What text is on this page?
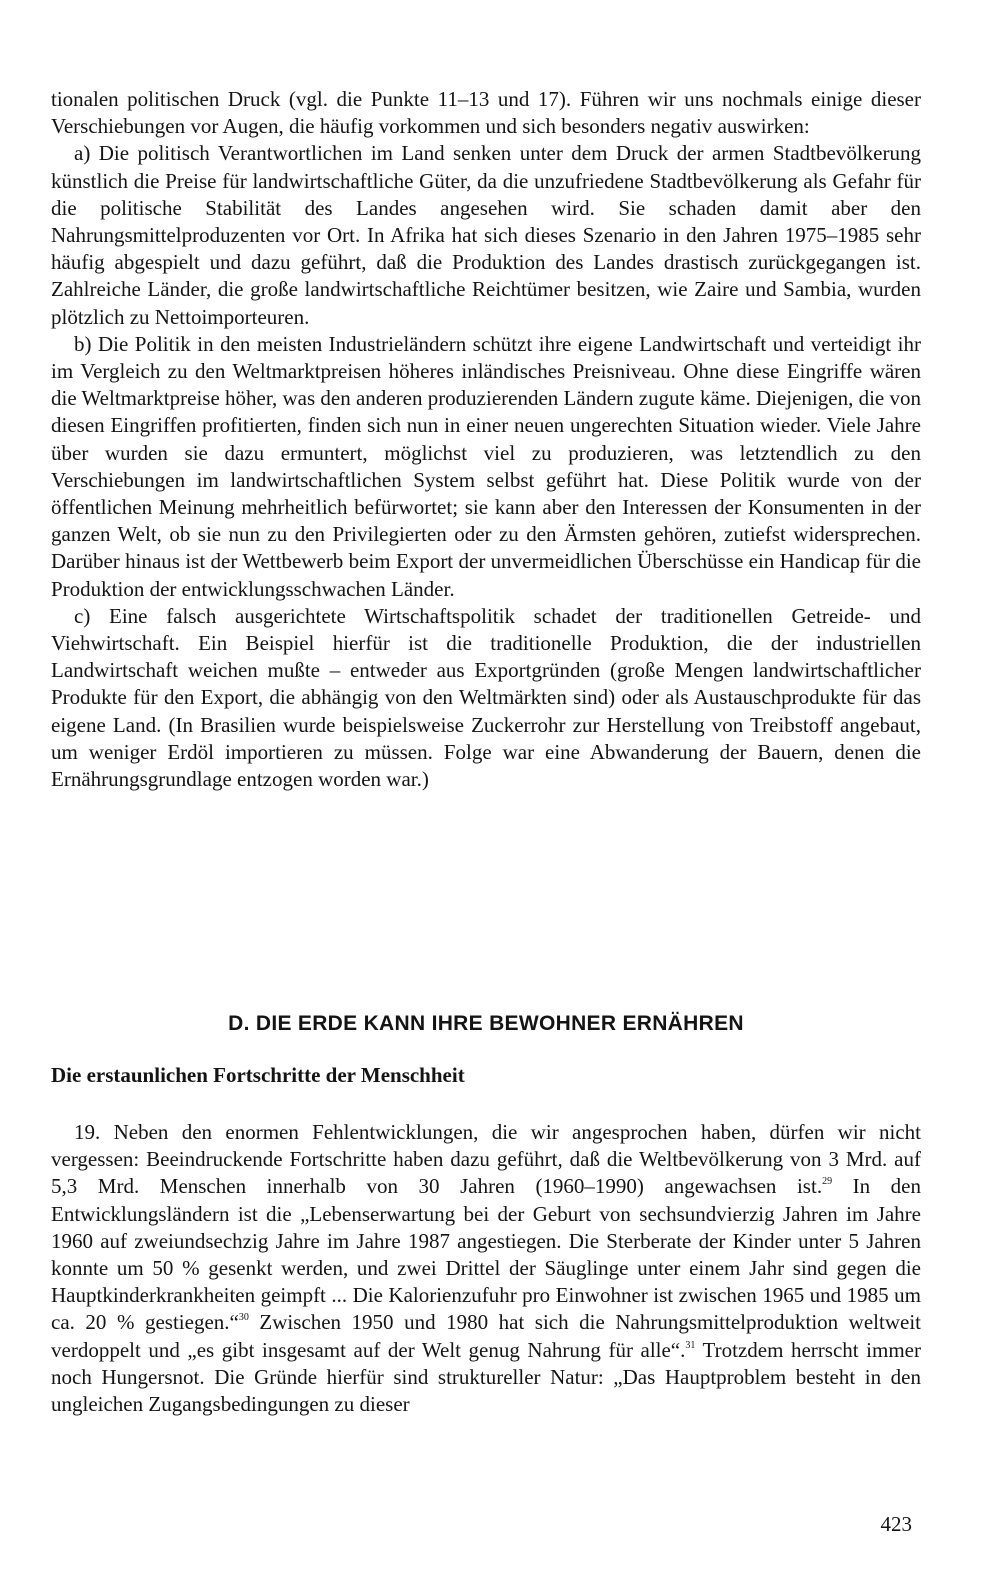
tionalen politischen Druck (vgl. die Punkte 11–13 und 17). Führen wir uns nochmals einige dieser Verschiebungen vor Augen, die häufig vorkommen und sich besonders negativ auswirken:

a) Die politisch Verantwortlichen im Land senken unter dem Druck der armen Stadtbevölkerung künstlich die Preise für landwirtschaftliche Güter, da die unzufriedene Stadtbevölkerung als Gefahr für die politische Stabilität des Landes angesehen wird. Sie schaden damit aber den Nahrungsmittelproduzenten vor Ort. In Afrika hat sich dieses Szenario in den Jahren 1975–1985 sehr häufig abgespielt und dazu geführt, daß die Produktion des Landes drastisch zurückgegangen ist. Zahlreiche Länder, die große landwirtschaftliche Reichtümer besitzen, wie Zaire und Sambia, wurden plötzlich zu Nettoimporteuren.

b) Die Politik in den meisten Industrieländern schützt ihre eigene Landwirtschaft und verteidigt ihr im Vergleich zu den Weltmarktpreisen höheres inländisches Preisniveau. Ohne diese Eingriffe wären die Weltmarktpreise höher, was den anderen produzierenden Ländern zugute käme. Diejenigen, die von diesen Eingriffen profitierten, finden sich nun in einer neuen ungerechten Situation wieder. Viele Jahre über wurden sie dazu ermuntert, möglichst viel zu produzieren, was letztendlich zu den Verschiebungen im landwirtschaftlichen System selbst geführt hat. Diese Politik wurde von der öffentlichen Meinung mehrheitlich befürwortet; sie kann aber den Interessen der Konsumenten in der ganzen Welt, ob sie nun zu den Privilegierten oder zu den Ärmsten gehören, zutiefst widersprechen. Darüber hinaus ist der Wettbewerb beim Export der unvermeidlichen Überschüsse ein Handicap für die Produktion der entwicklungsschwachen Länder.

c) Eine falsch ausgerichtete Wirtschaftspolitik schadet der traditionellen Getreide- und Viehwirtschaft. Ein Beispiel hierfür ist die traditionelle Produktion, die der industriellen Landwirtschaft weichen mußte – entweder aus Exportgründen (große Mengen landwirtschaftlicher Produkte für den Export, die abhängig von den Weltmärkten sind) oder als Austauschprodukte für das eigene Land. (In Brasilien wurde beispielsweise Zuckerrohr zur Herstellung von Treibstoff angebaut, um weniger Erdöl importieren zu müssen. Folge war eine Abwanderung der Bauern, denen die Ernährungsgrundlage entzogen worden war.)

D. DIE ERDE KANN IHRE BEWOHNER ERNÄHREN
Die erstaunlichen Fortschritte der Menschheit

19. Neben den enormen Fehlentwicklungen, die wir angesprochen haben, dürfen wir nicht vergessen: Beeindruckende Fortschritte haben dazu geführt, daß die Weltbevölkerung von 3 Mrd. auf 5,3 Mrd. Menschen innerhalb von 30 Jahren (1960–1990) angewachsen ist.$^{29}$ In den Entwicklungsländern ist die „Lebenserwartung bei der Geburt von sechsundvierzig Jahren im Jahre 1960 auf zweiundsechzig Jahre im Jahre 1987 angestiegen. Die Sterberate der Kinder unter 5 Jahren konnte um 50 % gesenkt werden, und zwei Drittel der Säuglinge unter einem Jahr sind gegen die Hauptkinderkrankheiten geimpft ... Die Kalorienzufuhr pro Einwohner ist zwischen 1965 und 1985 um ca. 20 % gestiegen.“$^{30}$ Zwischen 1950 und 1980 hat sich die Nahrungsmittelproduktion weltweit verdoppelt und „es gibt insgesamt auf der Welt genug Nahrung für alle“.$^{31}$ Trotzdem herrscht immer noch Hungersnot. Die Gründe hierfür sind struktureller Natur: „Das Hauptproblem besteht in den ungleichen Zugangsbedingungen zu dieser

423
